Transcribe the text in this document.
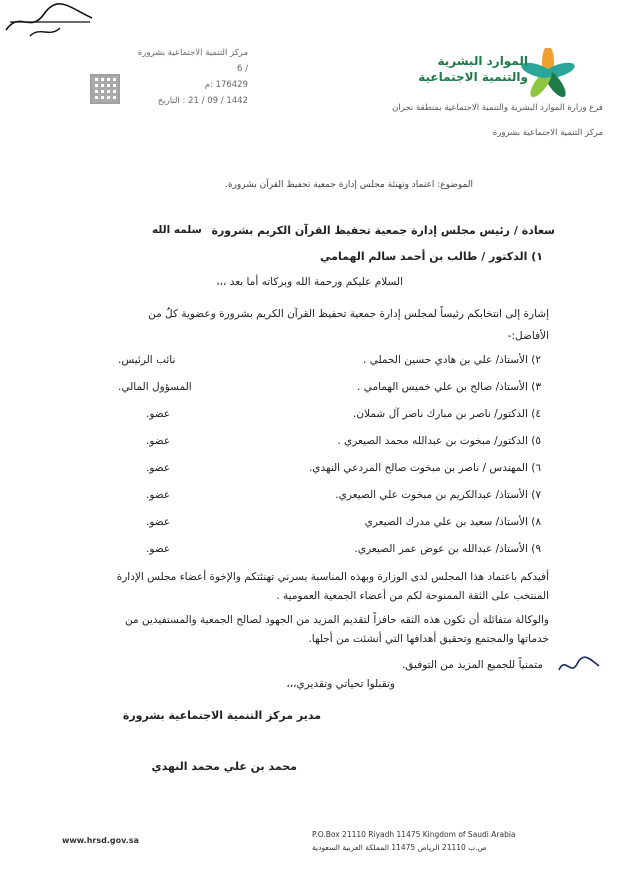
الموارد البشرية
والتنمية الاجتماعية
فرع وزارة الموارد البشرية والتنمية الاجتماعية بمنطقة نجران
مركز التنمية الاجتماعية بشرورة
مركز التنمية الاجتماعية بشرورة
/ 6
176429 :م
1442 / 09 / 21 : التاريخ
الموضوع: اعتماد وتهنئة مجلس إدارة جمعية تحفيظ القرآن بشرورة.
سعادة / رئيس مجلس إدارة جمعية تحفيظ القرآن الكريم بشرورة
سلمه الله
١) الدكتور / طالب بن أحمد سالم الهمامي
السلام عليكم ورحمة الله وبركاته أما بعد ،،،
إشارة إلى انتخابكم رئيساً لمجلس إدارة جمعية تحفيظ القرآن الكريم بشرورة وعضوية كلٌ من
الأفاضل:-
٢) الأستاذ/ علي بن هادي حسين الحملي .
نائب الرئيس.
٣) الأستاذ/ صالح بن علي خميس الهمامي .
المسؤول المالي.
٤) الدكتور/ ناصر بن مبارك ناصر آل شملان.
عضو.
٥) الدكتور/ مبخوت بن عبدالله محمد الصيعري .
عضو.
٦) المهندس / ناصر بن مبخوت صالح المردعي النهدي.
عضو.
٧) الأستاذ/ عبدالكريم بن مبخوت علي الصيعري.
عضو.
٨) الأستاذ/ سعيد بن علي مدرك الصيعري
عضو.
٩) الأستاذ/ عبدالله بن عوض عمر الصيعري.
عضو.
أفيدكم باعتماد هذا المجلس لدى الوزارة وبهذه المناسبة يسرني تهنئتكم والإخوة أعضاء مجلس الإدارة
المنتخب على الثقة الممنوحة لكم من أعضاء الجمعية العمومية .
والوكالة متفائلة أن تكون هذه الثقه حافزاً لتقديم المزيد من الجهود لصالح الجمعية والمستفيدين من
خدماتها والمجتمع وتحقيق أهدافها التي أنشئت من أجلها.
متمنياً للجميع المزيد من التوفيق.
وتقبلوا تحياتي وتقديري،،،
مدير مركز التنمية الاجتماعية بشرورة
محمد بن علي محمد النهدي
www.hrsd.gov.sa
P.O.Box 21110 Riyadh 11475 Kingdom of Saudi Arabia
ص.ب 21110 الرياض 11475 المملكة العربية السعودية
